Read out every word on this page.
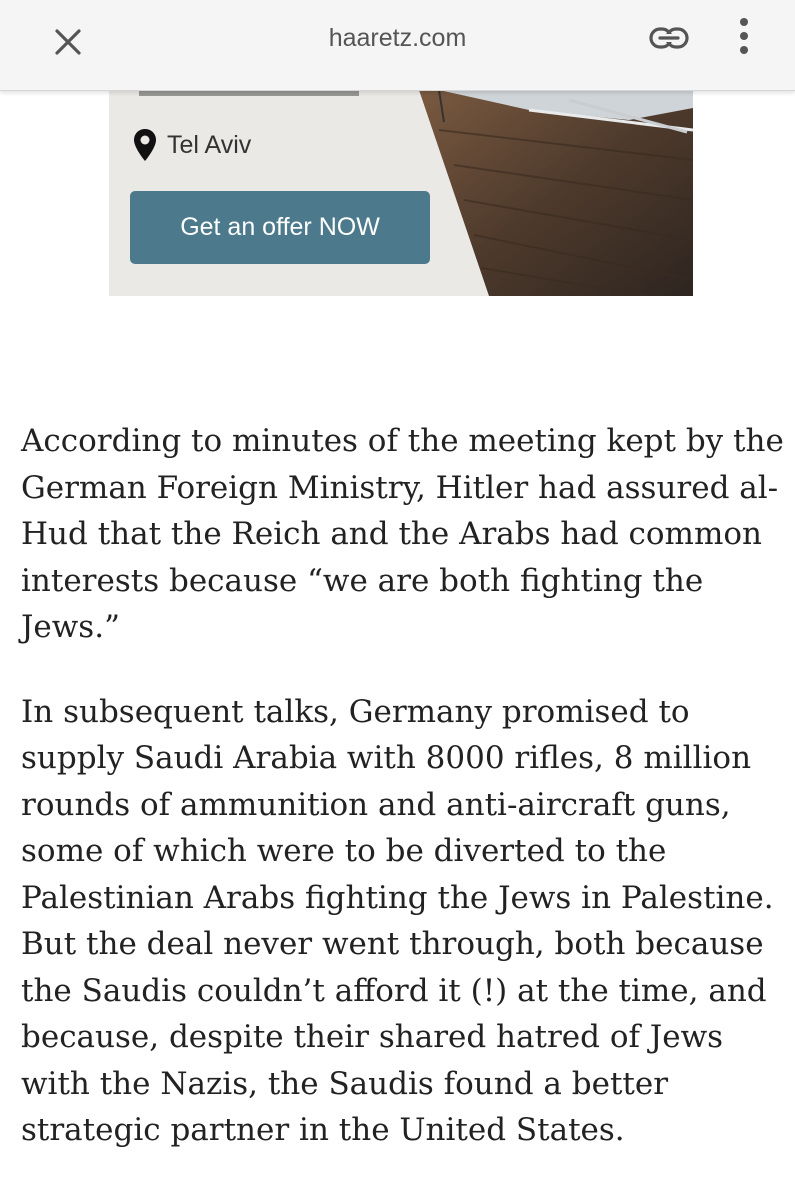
haaretz.com
Tel Aviv
Get an offer NOW

According to minutes of the meeting kept by the German Foreign Ministry, Hitler had assured al-Hud that the Reich and the Arabs had common interests because “we are both fighting the Jews.”

In subsequent talks, Germany promised to supply Saudi Arabia with 8000 rifles, 8 million rounds of ammunition and anti-aircraft guns, some of which were to be diverted to the Palestinian Arabs fighting the Jews in Palestine. But the deal never went through, both because the Saudis couldn’t afford it (!) at the time, and because, despite their shared hatred of Jews with the Nazis, the Saudis found a better strategic partner in the United States.
